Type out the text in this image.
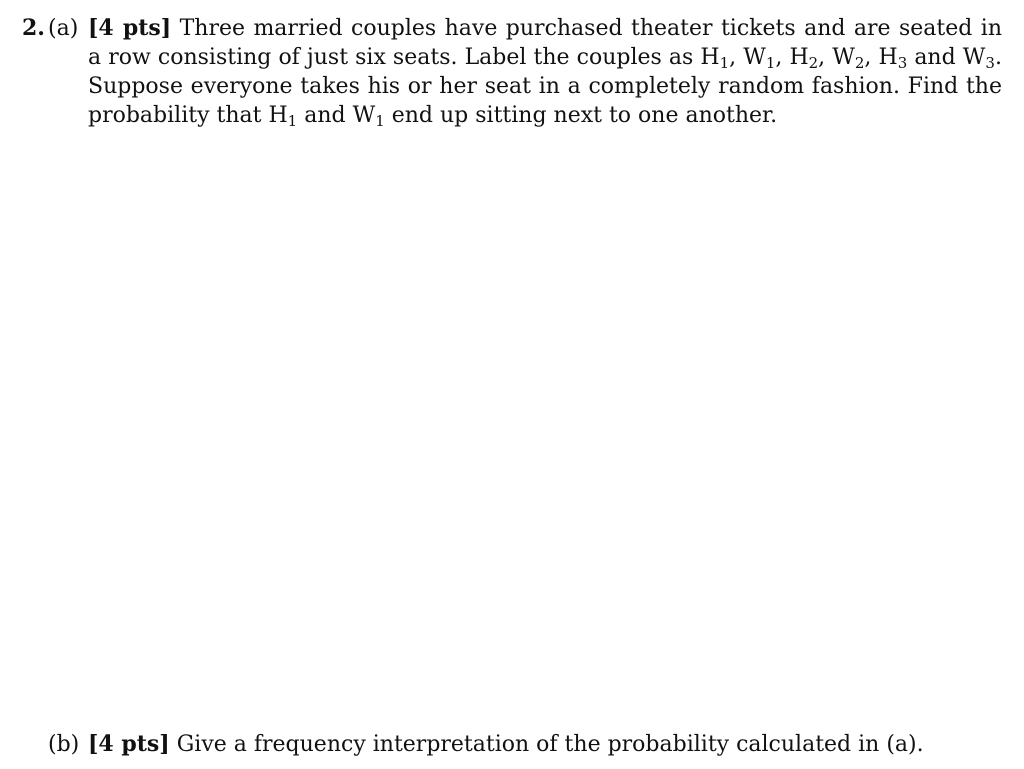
2. (a) [4 pts] Three married couples have purchased theater tickets and are seated in a row consisting of just six seats. Label the couples as $H_1$, $W_1$, $H_2$, $W_2$, $H_3$ and $W_3$. Suppose everyone takes his or her seat in a completely random fashion. Find the probability that $H_1$ and $W_1$ end up sitting next to one another.
(b) [4 pts] Give a frequency interpretation of the probability calculated in (a).
